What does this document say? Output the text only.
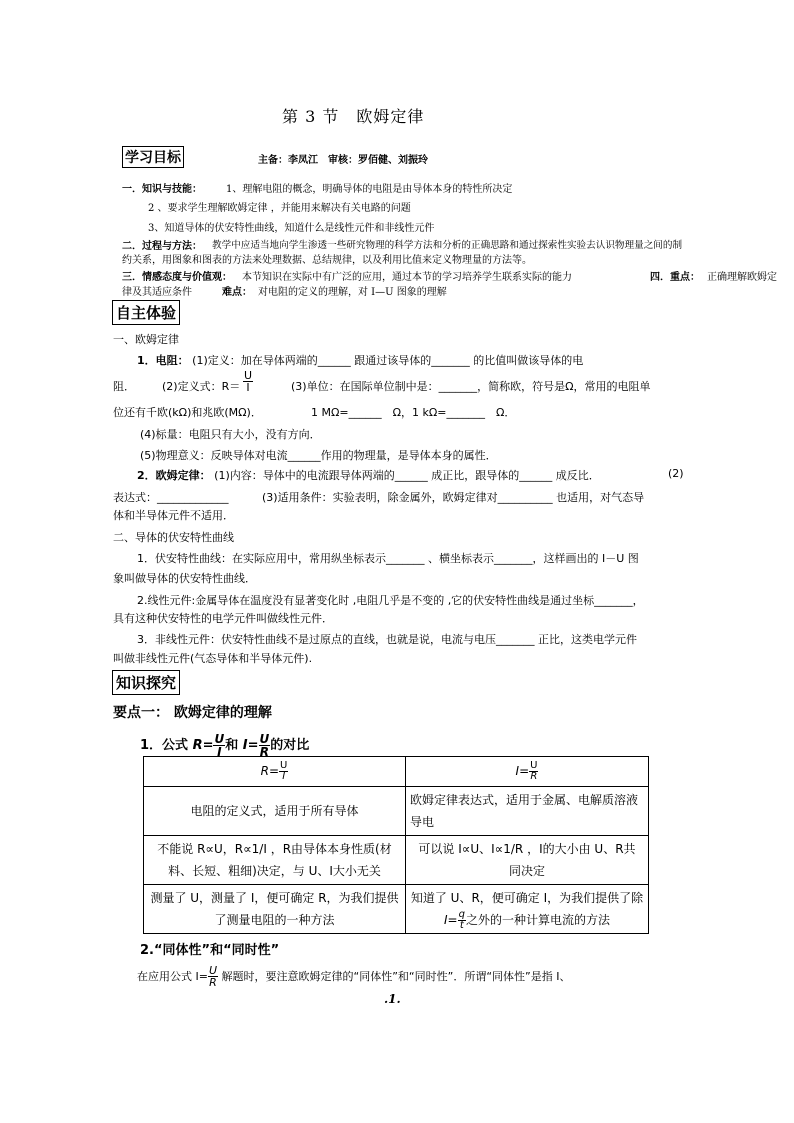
第 3 节　欧姆定律
学习目标	主备：李凤江　审核：罗佰健、刘振玲
一．知识与技能： 1、理解电阻的概念，明确导体的电阻是由导体本身的特性所决定
2 、要求学生理解欧姆定律 ，并能用来解决有关电路的问题
3、知道导体的伏安特性曲线，知道什么是线性元件和非线性元件
二．过程与方法： 教学中应适当地向学生渗透一些研究物理的科学方法和分析的正确思路和通过探索性实验去认识物理量之间的制
约关系，用图象和图表的方法来处理数据、总结规律，以及利用比值来定义物理量的方法等。
三．情感态度与价值观： 本节知识在实际中有广泛的应用，通过本节的学习培养学生联系实际的能力	四．重点： 正确理解欧姆定
律及其适应条件	难点： 对电阻的定义的理解，对 I—U 图象的理解
自主体验
一、欧姆定律
1．电阻： (1)定义：加在导体两端的______ 跟通过该导体的_______ 的比值叫做该导体的电
阻． (2)定义式：$R= \frac{U}{I}$	(3)单位：在国际单位制中是：_______，简称欧，符号是Ω，常用的电阻单
位还有千欧(kΩ)和兆欧(MΩ)．	1 MΩ=______　Ω，1 kΩ=_______　Ω．
(4)标量：电阻只有大小，没有方向．
(5)物理意义：反映导体对电流______作用的物理量，是导体本身的属性．
2．欧姆定律： (1)内容：导体中的电流跟导体两端的______ 成正比，跟导体的______ 成反比．	(2)
表达式：_____________	(3)适用条件：实验表明，除金属外，欧姆定律对__________ 也适用，对气态导
体和半导体元件不适用．
二、导体的伏安特性曲线
1．伏安特性曲线：在实际应用中，常用纵坐标表示_______ 、横坐标表示_______，这样画出的 I－U 图
象叫做导体的伏安特性曲线．
2.线性元件:金属导体在温度没有显著变化时 ,电阻几乎是不变的 ,它的伏安特性曲线是通过坐标_______，
具有这种伏安特性的电学元件叫做线性元件．
3．非线性元件：伏安特性曲线不是过原点的直线，也就是说，电流与电压_______ 正比，这类电学元件
叫做非线性元件(气态导体和半导体元件).
知识探究
要点一： 欧姆定律的理解
1．公式 $R= \frac{U}{I}$ 和 $I= \frac{U}{R}$ 的对比
$R= \frac{U}{I}$	$I= \frac{U}{R}$

电阻的定义式，适用于所有导体	欧姆定律表达式，适用于金属、电解质溶液
导电
不能说 R∝U，R∝1/I ，R由导体本身性质(材
料、长短、粗细)决定，与 U、I大小无关	可以说 I∝U、I∝1/R ，I的大小由 U、R共
同决定
测量了 U，测量了 I，便可确定 R，为我们提供
了测量电阻的一种方法	知道了 U、R，便可确定 I，为我们提供了除
$I= \frac{q}{t}$ 之外的一种计算电流的方法
2.“同体性”和“同时性”
在应用公式 $I= \frac{U}{R}$ 解题时，要注意欧姆定律的“同体性”和“同时性”．所谓“同体性”是指 I、
.1.
